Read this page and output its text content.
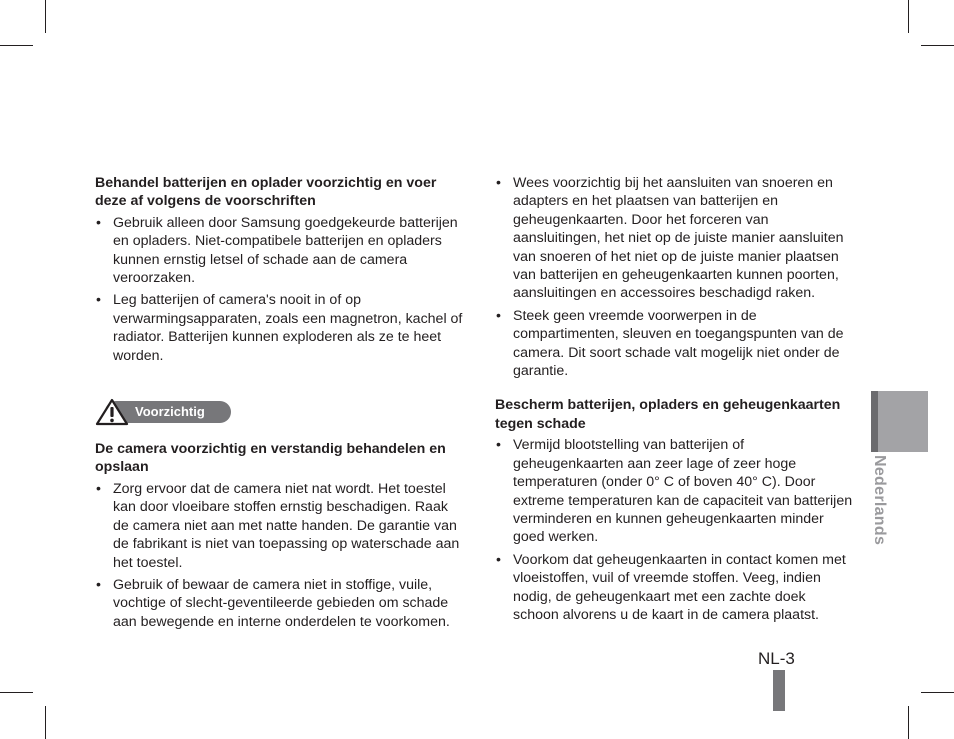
Behandel batterijen en oplader voorzichtig en voer deze af volgens de voorschriften

• Gebruik alleen door Samsung goedgekeurde batterijen en opladers. Niet-compatibele batterijen en opladers kunnen ernstig letsel of schade aan de camera veroorzaken.
• Leg batterijen of camera's nooit in of op verwarmingsapparaten, zoals een magnetron, kachel of radiator. Batterijen kunnen exploderen als ze te heet worden.
Voorzichtig

De camera voorzichtig en verstandig behandelen en opslaan

• Zorg ervoor dat de camera niet nat wordt. Het toestel kan door vloeibare stoffen ernstig beschadigen. Raak de camera niet aan met natte handen. De garantie van de fabrikant is niet van toepassing op waterschade aan het toestel.
• Gebruik of bewaar de camera niet in stoffige, vuile, vochtige of slecht-geventileerde gebieden om schade aan bewegende en interne onderdelen te voorkomen.
• Wees voorzichtig bij het aansluiten van snoeren en adapters en het plaatsen van batterijen en geheugenkaarten. Door het forceren van aansluitingen, het niet op de juiste manier aansluiten van snoeren of het niet op de juiste manier plaatsen van batterijen en geheugenkaarten kunnen poorten, aansluitingen en accessoires beschadigd raken.
• Steek geen vreemde voorwerpen in de compartimenten, sleuven en toegangspunten van de camera. Dit soort schade valt mogelijk niet onder de garantie.

Bescherm batterijen, opladers en geheugenkaarten tegen schade

• Vermijd blootstelling van batterijen of geheugenkaarten aan zeer lage of zeer hoge temperaturen (onder 0° C of boven 40° C). Door extreme temperaturen kan de capaciteit van batterijen verminderen en kunnen geheugenkaarten minder goed werken.
• Voorkom dat geheugenkaarten in contact komen met vloeistoffen, vuil of vreemde stoffen. Veeg, indien nodig, de geheugenkaart met een zachte doek schoon alvorens u de kaart in de camera plaatst.
Nederlands
NL-3
